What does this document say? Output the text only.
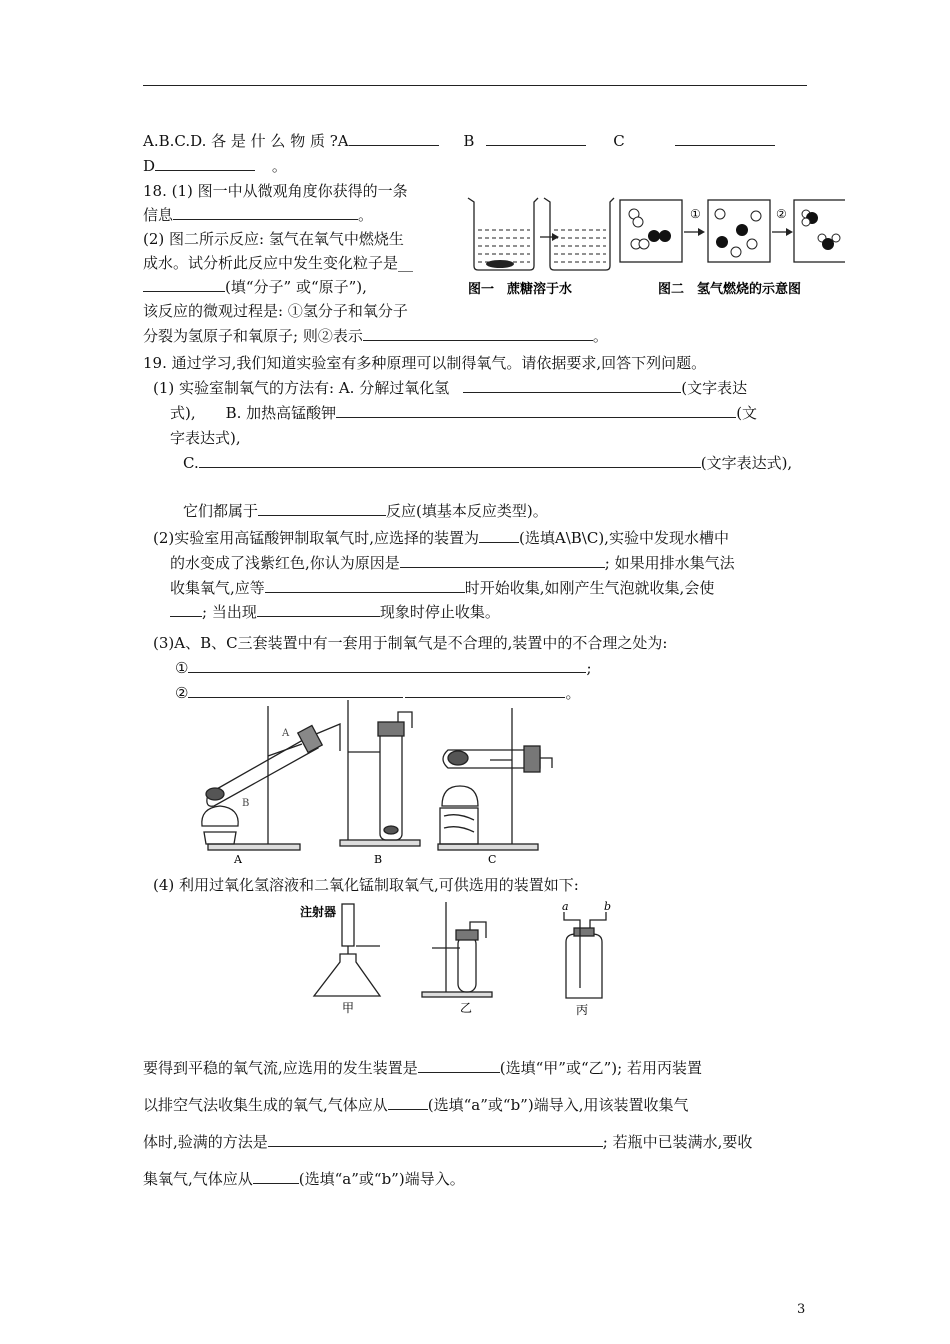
A.B.C.D. 各 是 什 么 物 质 ?A	B	C
D	。
18. (1) 图一中从微观角度你获得的一条
信息	。
(2) 图二所示反应: 氢气在氧气中燃烧生
成水。试分析此反应中发生变化粒子是__
(填“分子” 或“原子”),
该反应的微观过程是: ①氢分子和氧分子
分裂为氢原子和氧原子; 则②表示	。
图一　蔗糖溶于水
①	②
图二　氢气燃烧的示意图
19. 通过学习,我们知道实验室有多种原理可以制得氧气。请依据要求,回答下列问题。
(1) 实验室制氧气的方法有: A. 分解过氧化氢	(文字表达
式),　　B. 加热高锰酸钾	(文
字表达式),
C.	(文字表达式),
它们都属于	反应(填基本反应类型)。
(2)实验室用高锰酸钾制取氧气时,应选择的装置为	(选填A\B\C),实验中发现水槽中
的水变成了浅紫红色,你认为原因是	; 如果用排水集气法
收集氧气,应等	时开始收集,如刚产生气泡就收集,会使
; 当出现	现象时停止收集。
(3)A、B、C三套装置中有一套用于制氧气是不合理的,装置中的不合理之处为:
①	;
②	。
A
B
A	B	C
(4) 利用过氧化氢溶液和二氧化锰制取氧气,可供选用的装置如下:
注射器
甲	乙	丙
a	b
要得到平稳的氧气流,应选用的发生装置是	(选填“甲”或“乙”); 若用丙装置
以排空气法收集生成的氧气,气体应从	(选填“a”或“b”)端导入,用该装置收集气
体时,验满的方法是	; 若瓶中已装满水,要收
集氧气,气体应从	(选填“a”或“b”)端导入。
3
